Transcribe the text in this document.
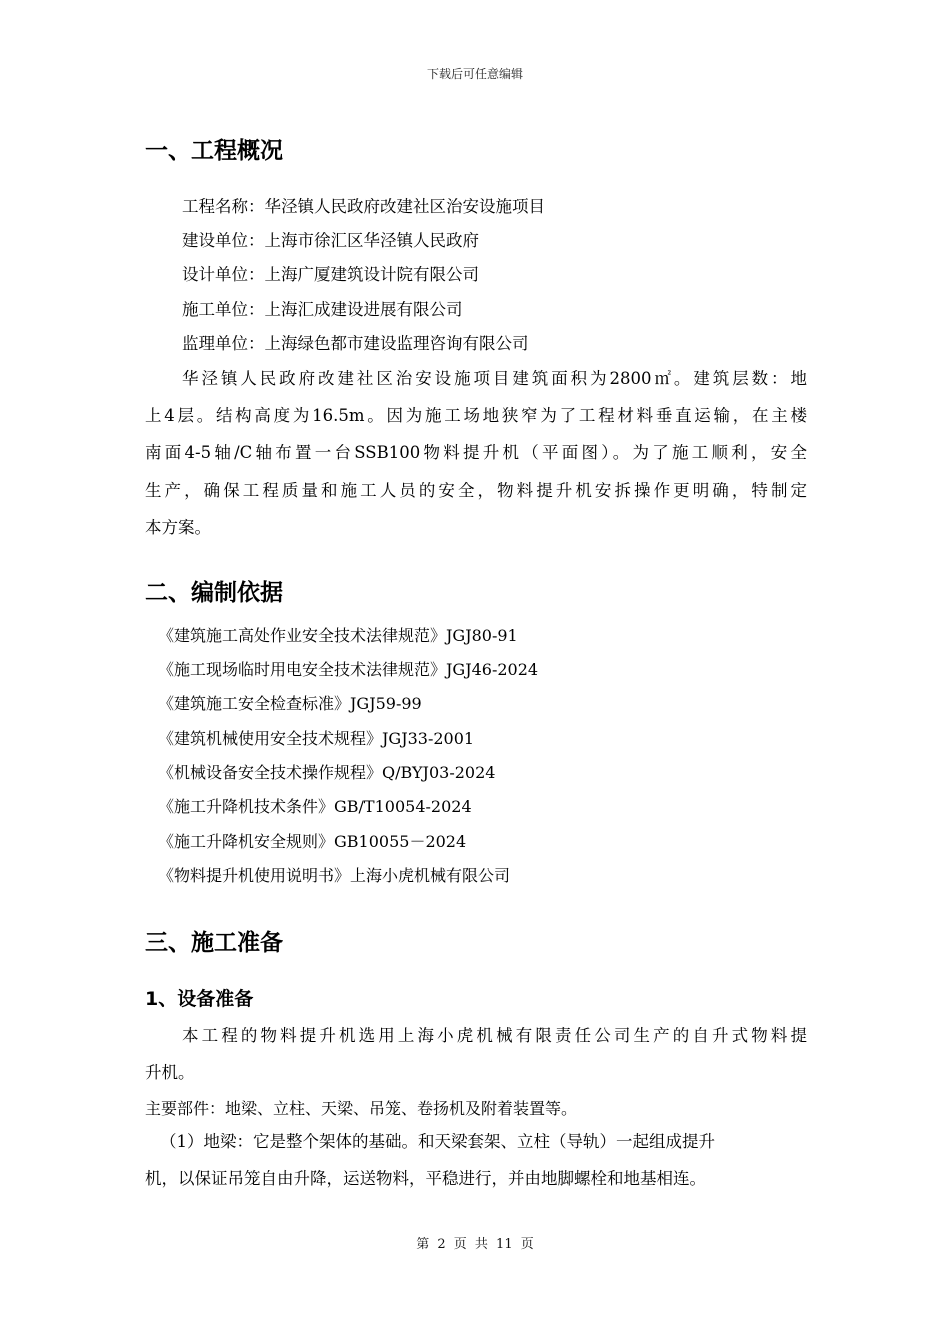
下载后可任意编辑
一、工程概况
工程名称：华泾镇人民政府改建社区治安设施项目
建设单位：上海市徐汇区华泾镇人民政府
设计单位：上海广厦建筑设计院有限公司
施工单位：上海汇成建设进展有限公司
监理单位：上海绿色都市建设监理咨询有限公司
华泾镇人民政府改建社区治安设施项目建筑面积为2800㎡。建筑层数：地
上4层。结构高度为16.5m。因为施工场地狭窄为了工程材料垂直运输，在主楼
南面4-5轴/C轴布置一台SSB100物料提升机（平面图）。为了施工顺利，安全
生产，确保工程质量和施工人员的安全，物料提升机安拆操作更明确，特制定
本方案。
二、编制依据
《建筑施工高处作业安全技术法律规范》JGJ80-91
《施工现场临时用电安全技术法律规范》JGJ46-2024
《建筑施工安全检查标准》JGJ59-99
《建筑机械使用安全技术规程》JGJ33-2001
《机械设备安全技术操作规程》Q/BYJ03-2024
《施工升降机技术条件》GB/T10054-2024
《施工升降机安全规则》GB10055－2024
《物料提升机使用说明书》上海小虎机械有限公司
三、施工准备
1、设备准备
本工程的物料提升机选用上海小虎机械有限责任公司生产的自升式物料提
升机。
主要部件：地梁、立柱、天梁、吊笼、卷扬机及附着装置等。
（1）地梁：它是整个架体的基础。和天梁套架、立柱（导轨）一起组成提升
机，以保证吊笼自由升降，运送物料，平稳进行，并由地脚螺栓和地基相连。
第 2 页 共 11 页
